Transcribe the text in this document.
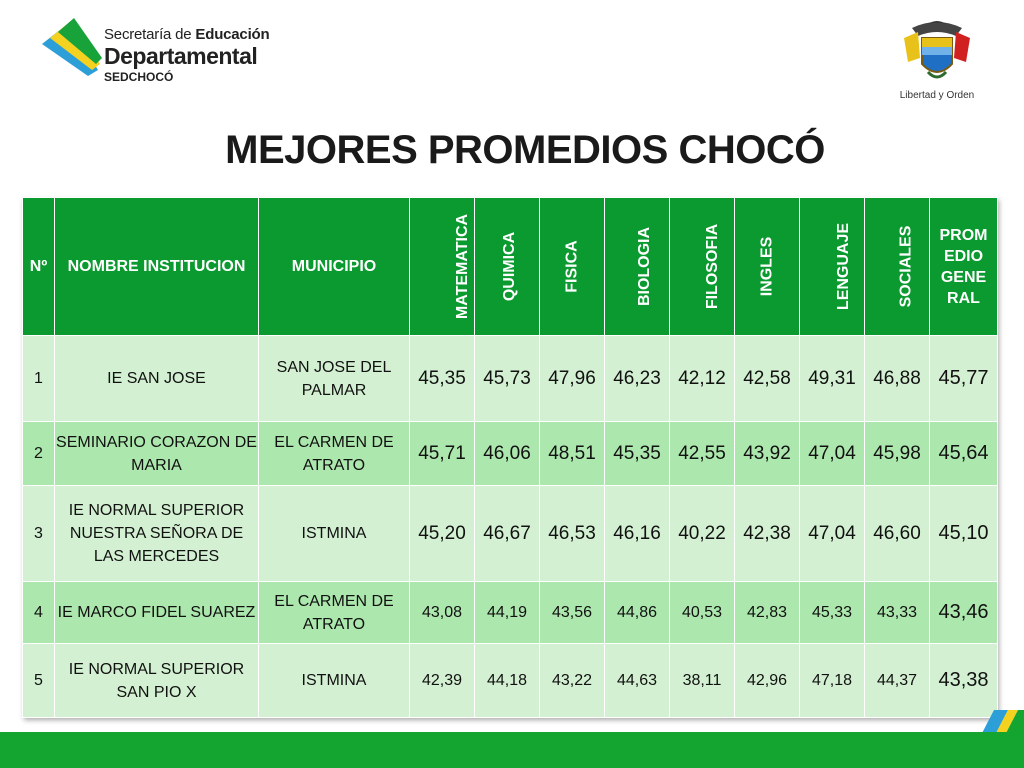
Secretaría de Educación
Departamental
SEDCHOCÓ
Libertad y Orden
MEJORES PROMEDIOS CHOCÓ
Nº	NOMBRE INSTITUCION	MUNICIPIO	MATEMATICA	QUIMICA	FISICA	BIOLOGIA	FILOSOFIA	INGLES	LENGUAJE	SOCIALES	PROMEDIO GENERAL
1	IE SAN JOSE	SAN JOSE DEL PALMAR	45,35	45,73	47,96	46,23	42,12	42,58	49,31	46,88	45,77
2	SEMINARIO CORAZON DE MARIA	EL CARMEN DE ATRATO	45,71	46,06	48,51	45,35	42,55	43,92	47,04	45,98	45,64
3	IE NORMAL SUPERIOR NUESTRA SEÑORA DE LAS MERCEDES	ISTMINA	45,20	46,67	46,53	46,16	40,22	42,38	47,04	46,60	45,10
4	IE MARCO FIDEL SUAREZ	EL CARMEN DE ATRATO	43,08	44,19	43,56	44,86	40,53	42,83	45,33	43,33	43,46
5	IE NORMAL SUPERIOR SAN PIO X	ISTMINA	42,39	44,18	43,22	44,63	38,11	42,96	47,18	44,37	43,38
